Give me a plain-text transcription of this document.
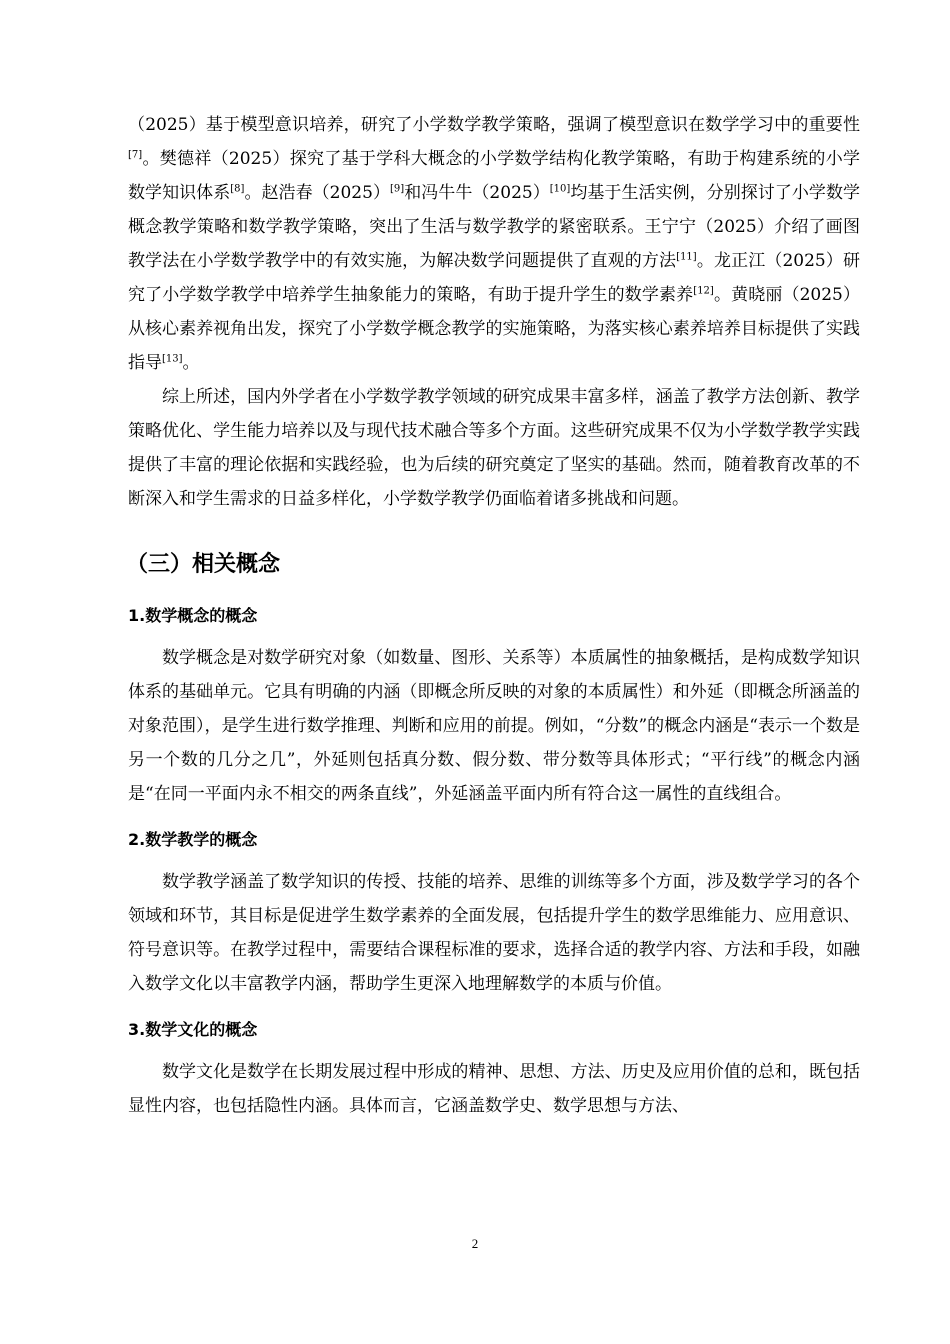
（2025）基于模型意识培养，研究了小学数学教学策略，强调了模型意识在数学学习中的重要性[7]。樊德祥（2025）探究了基于学科大概念的小学数学结构化教学策略，有助于构建系统的小学数学知识体系[8]。赵浩春（2025）[9]和冯牛牛（2025）[10]均基于生活实例，分别探讨了小学数学概念教学策略和数学教学策略，突出了生活与数学教学的紧密联系。王宁宁（2025）介绍了画图教学法在小学数学教学中的有效实施，为解决数学问题提供了直观的方法[11]。龙正江（2025）研究了小学数学教学中培养学生抽象能力的策略，有助于提升学生的数学素养[12]。黄晓丽（2025）从核心素养视角出发，探究了小学数学概念教学的实施策略，为落实核心素养培养目标提供了实践指导[13]。

综上所述，国内外学者在小学数学教学领域的研究成果丰富多样，涵盖了教学方法创新、教学策略优化、学生能力培养以及与现代技术融合等多个方面。这些研究成果不仅为小学数学教学实践提供了丰富的理论依据和实践经验，也为后续的研究奠定了坚实的基础。然而，随着教育改革的不断深入和学生需求的日益多样化，小学数学教学仍面临着诸多挑战和问题。

（三）相关概念
1.数学概念的概念

数学概念是对数学研究对象（如数量、图形、关系等）本质属性的抽象概括，是构成数学知识体系的基础单元。它具有明确的内涵（即概念所反映的对象的本质属性）和外延（即概念所涵盖的对象范围），是学生进行数学推理、判断和应用的前提。例如，“分数”的概念内涵是“表示一个数是另一个数的几分之几”，外延则包括真分数、假分数、带分数等具体形式；“平行线”的概念内涵是“在同一平面内永不相交的两条直线”，外延涵盖平面内所有符合这一属性的直线组合。

2.数学教学的概念

数学教学涵盖了数学知识的传授、技能的培养、思维的训练等多个方面，涉及数学学习的各个领域和环节，其目标是促进学生数学素养的全面发展，包括提升学生的数学思维能力、应用意识、符号意识等。在教学过程中，需要结合课程标准的要求，选择合适的教学内容、方法和手段，如融入数学文化以丰富教学内涵，帮助学生更深入地理解数学的本质与价值。

3.数学文化的概念

数学文化是数学在长期发展过程中形成的精神、思想、方法、历史及应用价值的总和，既包括显性内容，也包括隐性内涵。具体而言，它涵盖数学史、数学思想与方法、

2
